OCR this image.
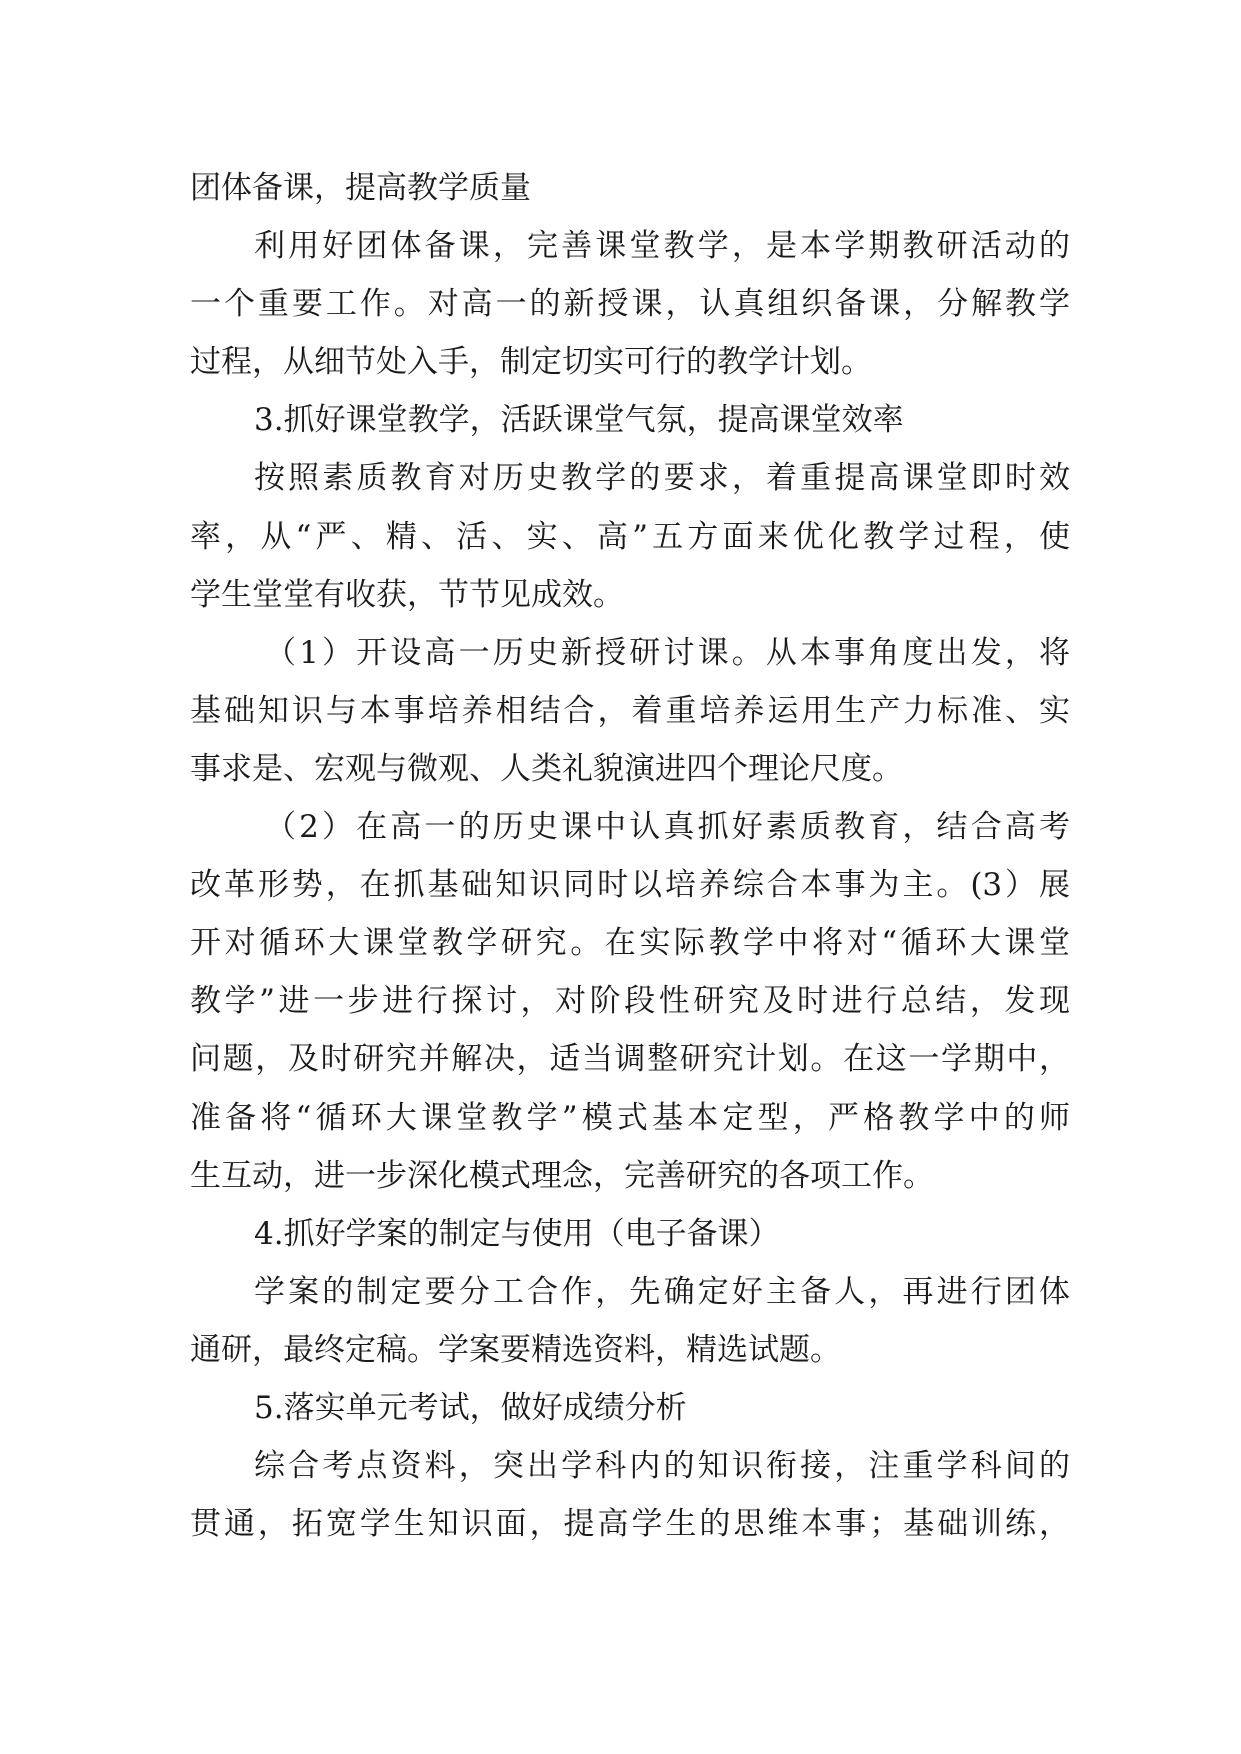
团体备课，提高教学质量
利用好团体备课，完善课堂教学，是本学期教研活动的
一个重要工作。对高一的新授课，认真组织备课，分解教学
过程，从细节处入手，制定切实可行的教学计划。
3.抓好课堂教学，活跃课堂气氛，提高课堂效率
按照素质教育对历史教学的要求，着重提高课堂即时效
率，从“严、精、活、实、高”五方面来优化教学过程，使
学生堂堂有收获，节节见成效。
（1）开设高一历史新授研讨课。从本事角度出发，将
基础知识与本事培养相结合，着重培养运用生产力标准、实
事求是、宏观与微观、人类礼貌演进四个理论尺度。
（2）在高一的历史课中认真抓好素质教育，结合高考
改革形势，在抓基础知识同时以培养综合本事为主。(3）展
开对循环大课堂教学研究。在实际教学中将对“循环大课堂
教学”进一步进行探讨，对阶段性研究及时进行总结，发现
问题，及时研究并解决，适当调整研究计划。在这一学期中，
准备将“循环大课堂教学”模式基本定型，严格教学中的师
生互动，进一步深化模式理念，完善研究的各项工作。
4.抓好学案的制定与使用（电子备课）
学案的制定要分工合作，先确定好主备人，再进行团体
通研，最终定稿。学案要精选资料，精选试题。
5.落实单元考试，做好成绩分析
综合考点资料，突出学科内的知识衔接，注重学科间的
贯通，拓宽学生知识面，提高学生的思维本事；基础训练，
